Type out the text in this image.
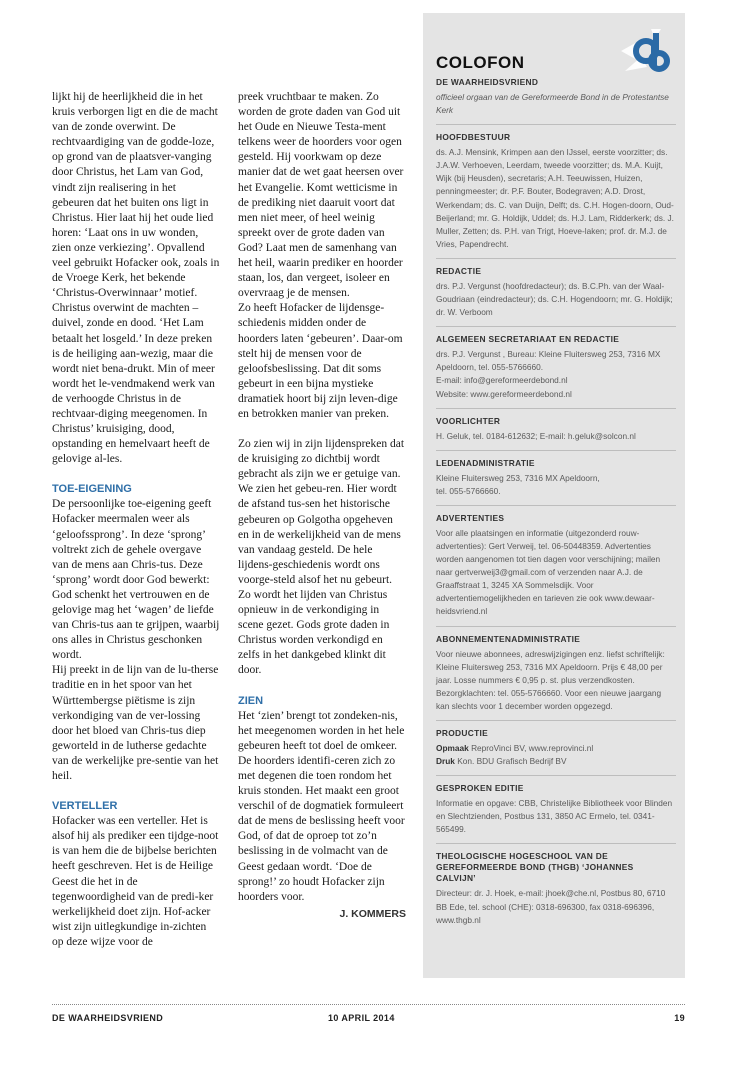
lijkt hij de heerlijkheid die in het kruis verborgen ligt en die de macht van de zonde overwint. De rechtvaardiging van de godde-loze, op grond van de plaatsver-vanging door Christus, het Lam van God, vindt zijn realisering in het gebeuren dat het buiten ons ligt in Christus. Hier laat hij het oude lied horen: ‘Laat ons in uw wonden, zien onze verkiezing’. Opvallend veel gebruikt Hofacker ook, zoals in de Vroege Kerk, het bekende ‘Christus-Overwinnaar’ motief. Christus overwint de machten – duivel, zonde en dood. ‘Het Lam betaalt het losgeld.’ In deze preken is de heiliging aan-wezig, maar die wordt niet bena-drukt. Min of meer wordt het le-vendmakend werk van de verhoogde Christus in de rechtvaar-diging meegenomen. In Christus’ kruisiging, dood, opstanding en hemelvaart heeft de gelovige al-les.

TOE-EIGENING

De persoonlijke toe-eigening geeft Hofacker meermalen weer als ‘geloofssprong’. In deze ‘sprong’ voltrekt zich de gehele overgave van de mens aan Chris-tus. Deze ‘sprong’ wordt door God bewerkt: God schenkt het vertrouwen en de gelovige mag het ‘wagen’ de liefde van Chris-tus aan te grijpen, waarbij ons alles in Christus geschonken wordt.

Hij preekt in de lijn van de lu-therse traditie en in het spoor van het Württembergse piëtisme is zijn verkondiging van de ver-lossing door het bloed van Chris-tus diep geworteld in de lutherse gedachte van de werkelijke pre-sentie van het heil.

VERTELLER

Hofacker was een verteller. Het is alsof hij als prediker een tijdge-noot is van hem die de bijbelse berichten heeft geschreven. Het is de Heilige Geest die het in de tegenwoordigheid van de predi-ker werkelijkheid doet zijn. Hof-acker wist zijn uitlegkundige in-zichten op deze wijze voor de

preek vruchtbaar te maken. Zo worden de grote daden van God uit het Oude en Nieuwe Testa-ment telkens weer de hoorders voor ogen gesteld. Hij voorkwam op deze manier dat de wet gaat heersen over het Evangelie. Komt wetticisme in de prediking niet daaruit voort dat men niet meer, of heel weinig spreekt over de grote daden van God? Laat men de samenhang van het heil, waarin prediker en hoorder staan, los, dan vergeet, isoleer en overvraag je de mensen.

Zo heeft Hofacker de lijdensge-schiedenis midden onder de hoorders laten ‘gebeuren’. Daar-om stelt hij de mensen voor de geloofsbeslissing. Dat dit soms gebeurt in een bijna mystieke dramatiek hoort bij zijn leven-dige en betrokken manier van preken.

Zo zien wij in zijn lijdenspreken dat de kruisiging zo dichtbij wordt gebracht als zijn we er getuige van. We zien het gebeu-ren. Hier wordt de afstand tus-sen het historische gebeuren op Golgotha opgeheven en in de werkelijkheid van de mens van vandaag gesteld. De hele lijdens-geschiedenis wordt ons voorge-steld alsof het nu gebeurt. Zo wordt het lijden van Christus opnieuw in de verkondiging in scene gezet. Gods grote daden in Christus worden verkondigd en zelfs in het dankgebed klinkt dit door.

ZIEN

Het ‘zien’ brengt tot zondeken-nis, het meegenomen worden in het hele gebeuren heeft tot doel de omkeer. De hoorders identifi-ceren zich zo met degenen die toen rondom het kruis stonden. Het maakt een groot verschil of de dogmatiek formuleert dat de mens de beslissing heeft voor God, of dat de oproep tot zo’n beslissing in de volmacht van de Geest gedaan wordt. ‘Doe de sprong!’ zo houdt Hofacker zijn hoorders voor.

J. KOMMERS
COLOFON
DE WAARHEIDSVRIEND

officieel orgaan van de Gereformeerde Bond in de Protestantse Kerk

HOOFDBESTUUR

ds. A.J. Mensink, Krimpen aan den IJssel, eerste voorzitter; ds. J.A.W. Verhoeven, Leerdam, tweede voorzitter; ds. M.A. Kuijt, Wijk (bij Heusden), secretaris; A.H. Teeuwissen, Huizen, penningmeester; dr. P.F. Bouter, Bodegraven; A.D. Drost, Werkendam; ds. C. van Duijn, Delft; ds. C.H. Hogen-doorn, Oud-Beijerland; mr. G. Holdijk, Uddel; ds. H.J. Lam, Ridderkerk; ds. J. Muller, Zetten; ds. P.H. van Trigt, Hoeve-laken; prof. dr. M.J. de Vries, Papendrecht.

REDACTIE

drs. P.J. Vergunst (hoofdredacteur); ds. B.C.Ph. van der Waal-Goudriaan (eindredacteur); ds. C.H. Hogendoorn; mr. G. Holdijk; dr. W. Verboom

ALGEMEEN SECRETARIAAT EN REDACTIE

drs. P.J. Vergunst , Bureau: Kleine Fluitersweg 253, 7316 MX Apeldoorn, tel. 055-5766660.

E-mail: info@gereformeerdebond.nl

Website: www.gereformeerdebond.nl

VOORLICHTER

H. Geluk, tel. 0184-612632; E-mail: h.geluk@solcon.nl

LEDENADMINISTRATIE

Kleine Fluitersweg 253, 7316 MX Apeldoorn,

tel. 055-5766660.

ADVERTENTIES

Voor alle plaatsingen en informatie (uitgezonderd rouw-advertenties): Gert Verweij, tel. 06-50448359. Advertenties worden aangenomen tot tien dagen voor verschijning; mailen naar gertverweij3@gmail.com of verzenden naar A.J. de Graaffstraat 1, 3245 XA Sommelsdijk. Voor advertentiemogelijkheden en tarieven zie ook www.dewaar-heidsvriend.nl

ABONNEMENTENADMINISTRATIE

Voor nieuwe abonnees, adreswijzigingen enz. liefst schriftelijk: Kleine Fluitersweg 253, 7316 MX Apeldoorn. Prijs € 48,00 per jaar. Losse nummers € 0,95 p. st. plus verzendkosten. Bezorgklachten: tel. 055-5766660. Voor een nieuwe jaargang kan slechts voor 1 december worden opgezegd.

PRODUCTIE

Opmaak ReproVinci BV, www.reprovinci.nl

Druk Kon. BDU Grafisch Bedrijf BV

GESPROKEN EDITIE

Informatie en opgave: CBB, Christelijke Bibliotheek voor Blinden en Slechtzienden, Postbus 131, 3850 AC Ermelo, tel. 0341-565499.

THEOLOGISCHE HOGESCHOOL VAN DE GEREFORMEERDE BOND (THGB) ‘JOHANNES CALVIJN’

Directeur: dr. J. Hoek, e-mail: jhoek@che.nl, Postbus 80, 6710 BB Ede, tel. school (CHE): 0318-696300, fax 0318-696396, www.thgb.nl

DE WAARHEIDSVRIEND	10 APRIL 2014	19
